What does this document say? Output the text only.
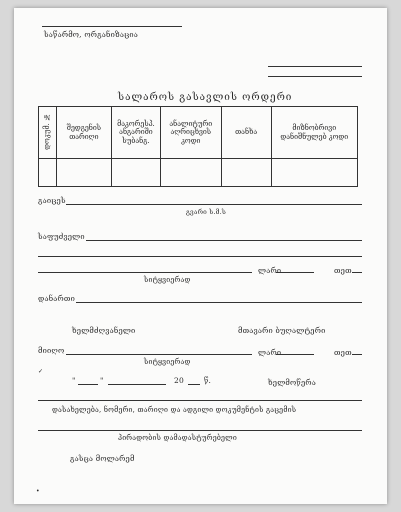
საწარმო, ორგანიზაცია
სალაროს გასავლის ორდერი
დოკუმ. №	შედგენის თარიღი	მაკორესპ. ანგარიში სუბანგ.	ანალიტური აღრიცხვის კოდი	თანხა	მიზნობრივი დანიშნულებ კოდი

გაიცეს
გვარი ს.მ.ს
საფუძველი
ლარი	თეთ.
სიტყვიერად
დანართი
ხელმძღვანელი	მთავარი ბუღალტერი
მიიღო	ლარი	თეთ.
სიტყვიერად
"	"	20	წ.	ხელმოწერა
დასახელება, ნომერი, თარიღი და ადგილი დოკუმენტის გაცემის
პირადობის დამადასტურებელი
გასცა მოლარემ
✓
•
